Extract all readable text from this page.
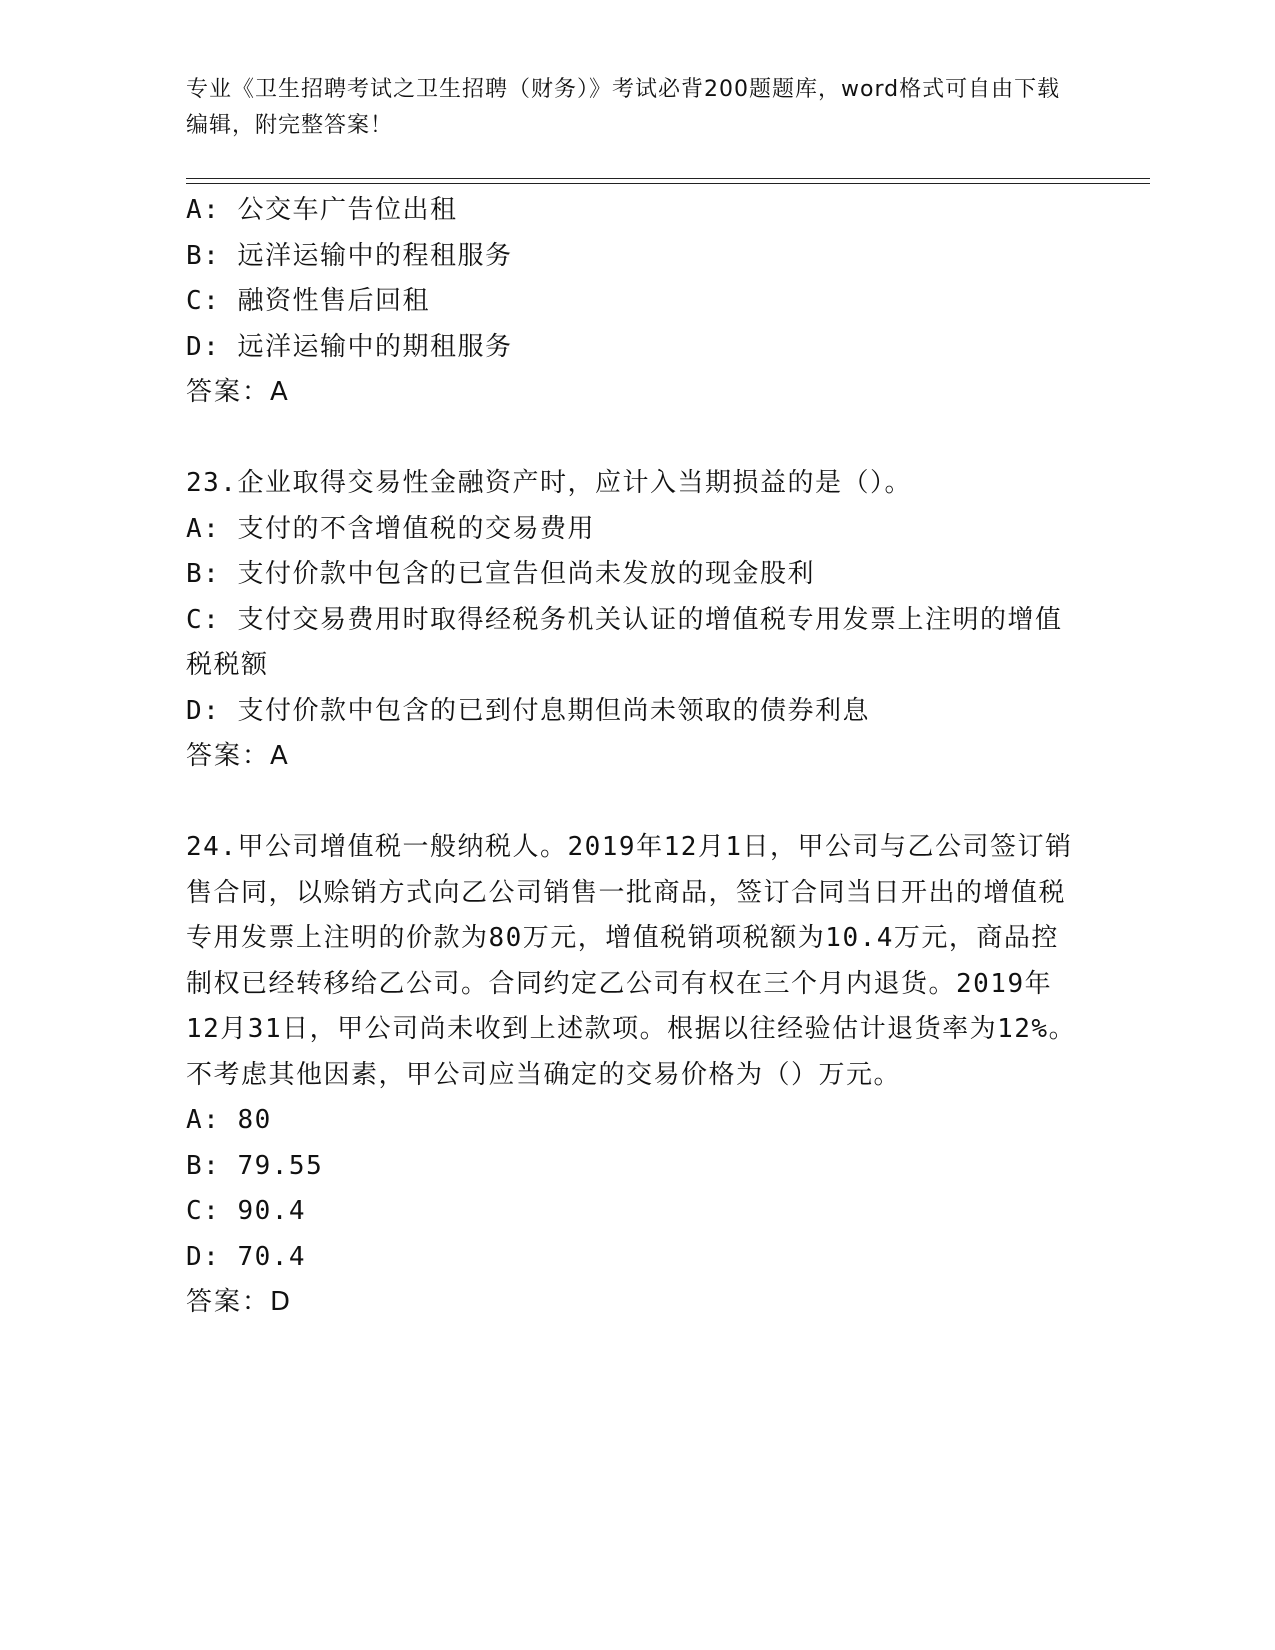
专业《卫生招聘考试之卫生招聘（财务）》考试必背200题题库，word格式可自由下载编辑，附完整答案！

A: 公交车广告位出租

B: 远洋运输中的程租服务

C: 融资性售后回租

D: 远洋运输中的期租服务

答案：A

23.企业取得交易性金融资产时，应计入当期损益的是（）。

A: 支付的不含增值税的交易费用

B: 支付价款中包含的已宣告但尚未发放的现金股利

C: 支付交易费用时取得经税务机关认证的增值税专用发票上注明的增值税税额

D: 支付价款中包含的已到付息期但尚未领取的债券利息

答案：A

24.甲公司增值税一般纳税人。2019年12月1日，甲公司与乙公司签订销售合同，以赊销方式向乙公司销售一批商品，签订合同当日开出的增值税专用发票上注明的价款为80万元，增值税销项税额为10.4万元，商品控制权已经转移给乙公司。合同约定乙公司有权在三个月内退货。2019年12月31日，甲公司尚未收到上述款项。根据以往经验估计退货率为12%。不考虑其他因素，甲公司应当确定的交易价格为（）万元。

A: 80

B: 79.55

C: 90.4

D: 70.4

答案：D
